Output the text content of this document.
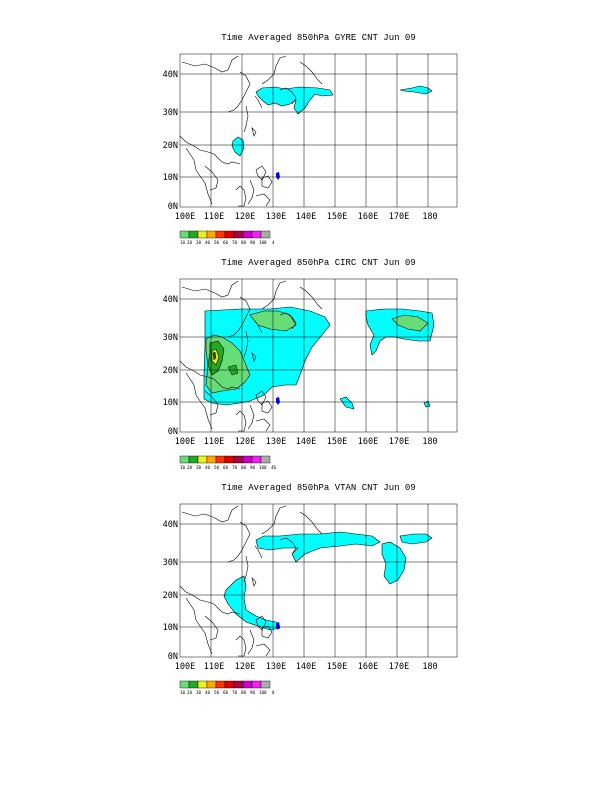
Time Averaged 850hPa GYRE CNT Jun 09
Time Averaged 850hPa CIRC CNT Jun 09
Time Averaged 850hPa VTAN CNT Jun 09
100E 110E 120E 130E 140E 150E 160E 170E 180
0N
10N
20N
30N
40N
10 20 30 40 50 60 70 80 90 100 4
100E 110E 120E 130E 140E 150E 160E 170E 180
0N
10N
20N
30N
40N
10 20 30 40 50 60 70 80 90 100 46
100E 110E 120E 130E 140E 150E 160E 170E 180
0N
10N
20N
30N
40N
10 20 30 40 50 60 70 80 90 100 8
